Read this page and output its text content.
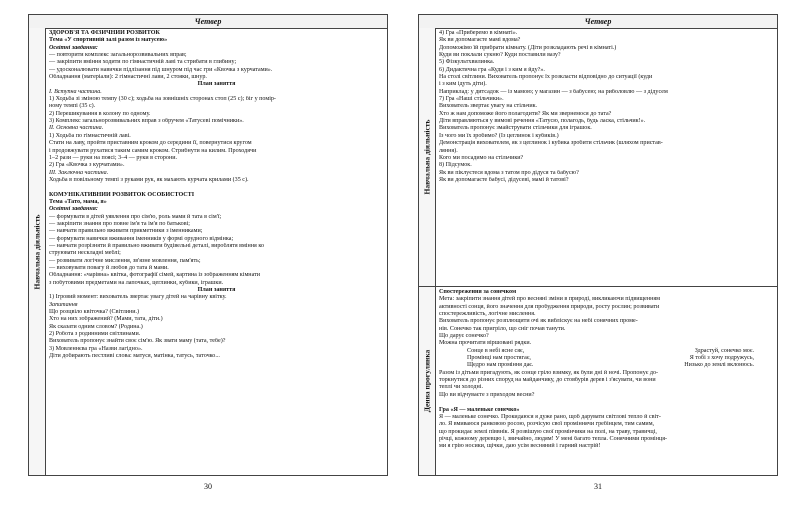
Четвер
Навчальна діяльність

ЗДОРОВ'Я ТА ФІЗИЧНИЙ РОЗВИТОК

Тема «У спортивній залі разом із матусею»

Освітні завдання:

— повторити комплекс загальнорозвивальних вправ;

— закріпити вміння ходити по гімнастичній лаві та стрибати в глибину;

— удосконалювати навички підлізання під шнуром під час гри «Квочка з курчатами».

Обладнання (матеріали): 2 гімнастичні лави, 2 стояки, шнур.

План заняття

І. Вступна частина.

1) Ходьба зі зміною темпу (30 с); ходьба на зовнішніх сторонах стоп (25 с); біг у помір-

ному темпі (35 с).

2) Перешикування в колону по одному.

3) Комплекс загальнорозвивальних вправ з обручем «Татусеві помічники».

II. Основна частина.

1) Ходьба по гімнастичній лаві.

Стати на лаву, пройти приставним кроком до середини її, повернутися кругом

і продовжувати рухатися таким самим кроком. Стрибнути на килим. Проходячи

1–2 рази — руки на поясі; 3–4 — руки в сторони.

2) Гра «Квочка з курчатами».

III. Заключна частина.

Ходьба в повільному темпі з руками рук, як махають курчата крилами (35 с).

КОМУНІКАТИВНИЙ РОЗВИТОК ОСОБИСТОСТІ

Тема «Тато, мама, я»

Освітні завдання:

— формувати в дітей уявлення про сім'ю, роль мами й тата в сім'ї;

— закріпити знання про повне ім'я та ім'я по батькові;

— навчати правильно вживати прикметники з іменниками;

— формувати навички вживання іменників у формі орудного відмінка;

— навчати розрізняти й правильно вживати будівельні деталі, вироблятя вміння ко

струювати нескладні меблі;

— розвивати логічне мислення, зв'язне мовлення, пам'ять;

— виховувати повагу й любов до тата й мами.

Обладнання: «чарівна» квітка, фотографії сімей, картина із зображенням кімнати

з побутовими предметами на лапочках, цеглинки, кубики, іграшки.

План заняття

1) Ігровий момент: вихователь звертає увагу дітей на чарівну квітку.

Запитання

Що розцвіло квіточка? (Світлини.)

Хто на них зображений? (Мами, тата, діти.)

Як сказати одним словом? (Родина.)

2) Робота з родинними світлинами.

Вихователь пропонує знайти своє сім'ю. Як звати маму (тата, тебе)?

3) Мовленнєва гра «Назви лагідно».

Діти добирають пестливі слова: матуся, матінка, татусь, таточко...

Четвер
Навчальна діяльність
Денна прогулянка

4) Гра «Приберемо в кімнаті».

Як ви допомагаєте мамі вдома?

Допоможімо їй прибрати кімнату. (Діти розкладають речі в кімнаті.)

Куди ви поклали сукню? Куди поставили вазу?

5) Фізкультхвилинка.

6) Дидактична гра «Куди і з ким я йду?».

На столі світлини. Вихователь пропонує їх розкласти відповідно до ситуації (куди

і з ким ідуть діти).

Наприклад: у дитсадок — із мамою; у магазин — з бабусею; на риболовлю — з дідусем

7) Гра «Наші стільчики».

Вихователь звертає увагу на стільчик.

Хто ж нам допоможе його полагодити? Як ми звернемося до тата?

Діти вправляються у вимові речення «Татусю, полагодь, будь ласка, стільчик!».

Вихователь пропонує змайструвати стільчики для іграшок.

Із чого ми їх зробимо? (Із цеглинок і кубиків.)

Демонстрація вихователем, як з цеглинок і кубика зробити стільчик (шляхом пристав-

ляння).

Кого ми посадимо на стільчики?

8) Підсумок.

Як ви піклуєтеся вдома з татом про дідуся та бабусю?

Як ви допомагаєте бабусі, дідусеві, мамі й татові?

Спостереження за сонечком

Мета: закріпити знання дітей про весняні зміни в природі, викликаючи підвищенням

активності сонця, його значення для пробудження природи, росту рослин; розвивати

спостережливість, логічне мислення.

Вихователь пропонує розплющити очі як вибліскує на небі сонячних проме-

нів. Сонечко так пригріло, що сніг почав танути.

Що дарує сонечко?

Можна прочитати віршовані рядки.

Сонце в небі ясне сяє,	Здрастуй, сонечко моє.
Промінці нам простягає,	Я тобі з хочу подружусь,
Щедро нам проміння дає.	Низько до землі вклонюсь.

Разом із дітьми пригадують, як сонце гріло взимку, як були дні й ночі. Пропонує до-

торкнутися до різних споруд на майданчику, до стовбурів дерев і з'ясувати, чи вони

теплі чи холодні.

Що ви відчуваєте з приходом весни?

Гра «Я — маленьке сонечко»

Я — маленьке сонечко. Прокидаюся я дуже рано, щоб дарувати світлові тепло й світ-

ло. Я вмиваюся ранковою росою, розчісую свої проміннячи гребінцем, тим самим,

що прокидає землі піввнік. Я розвішую свої промінчики на полі, на траву, травичці,

річці, кожному деревцю і, звичайно, людям! У мені багато тепла. Сонячними промінця-

ми я грію носики, щічки, даю усім весняний і гарний настрій!

30	31
